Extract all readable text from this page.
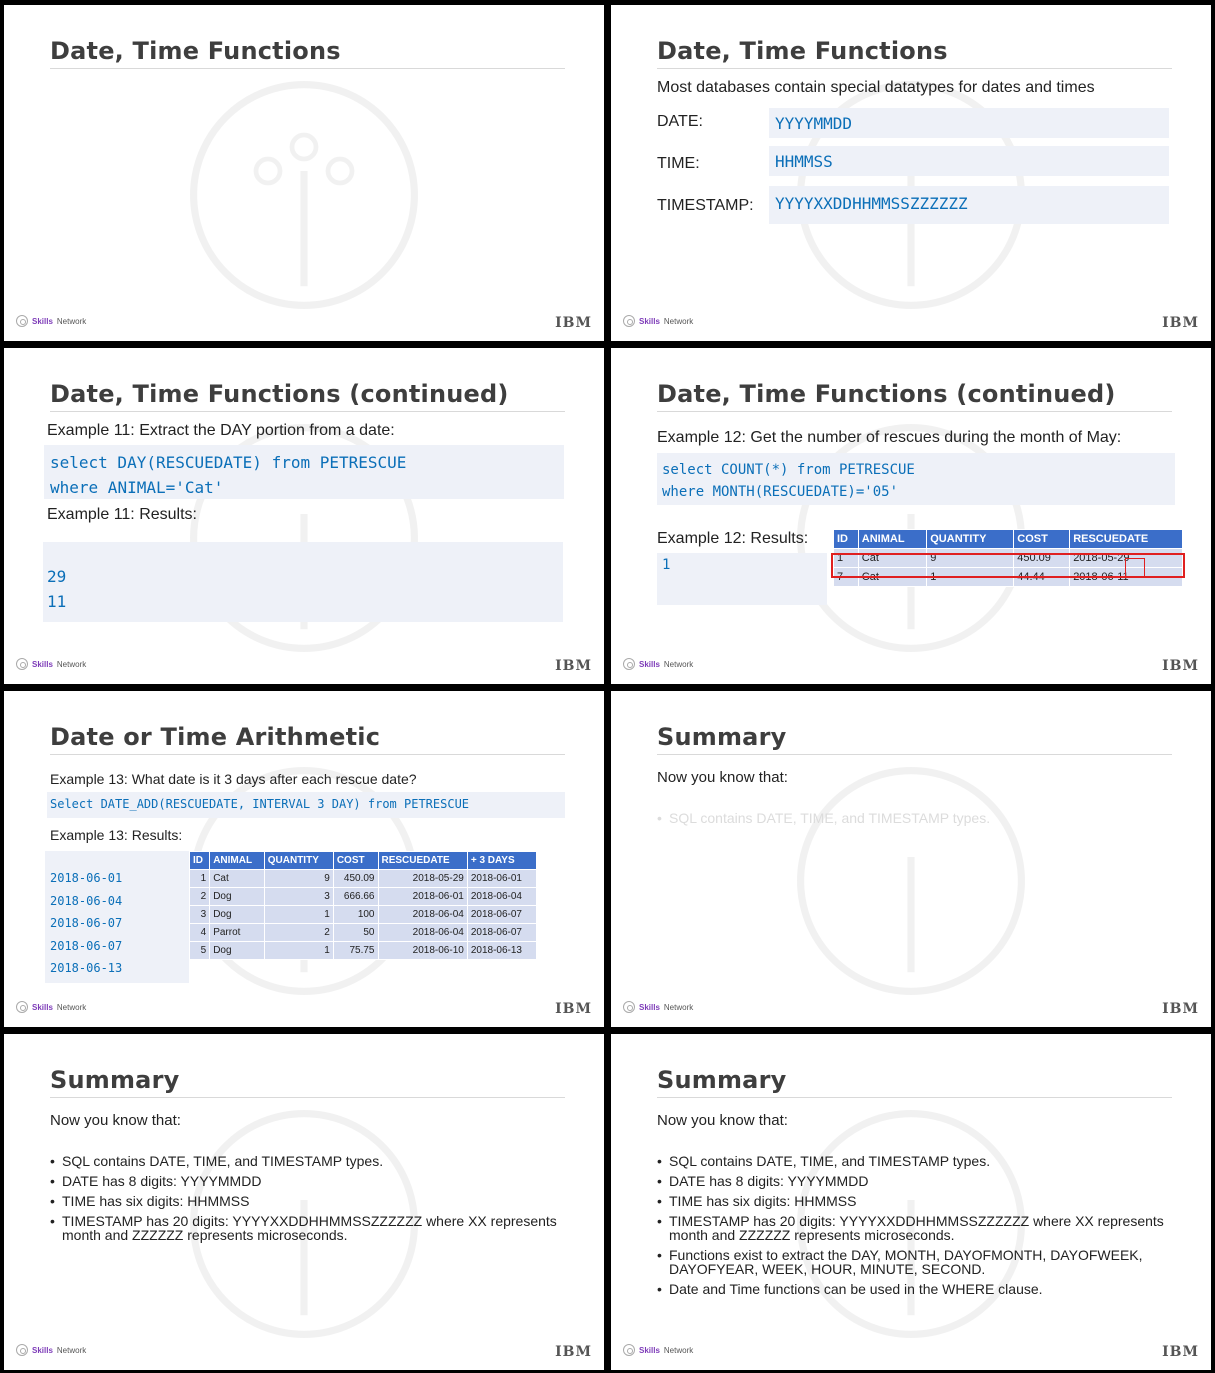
Date, Time Functions
Skills Network	IBM
Date, Time Functions
Most databases contain special datatypes for dates and times
DATE:	YYYYMMDD
TIME:	HHMMSS
TIMESTAMP:	YYYYXXDDHHMMSSZZZZZZ
Skills Network	IBM
Date, Time Functions (continued)
Example 11: Extract the DAY portion from a date:
select DAY(RESCUEDATE) from PETRESCUE
where ANIMAL='Cat'
Example 11: Results:
29
11
Skills Network	IBM
Date, Time Functions (continued)
Example 12: Get the number of rescues during the month of May:
select COUNT(*) from PETRESCUE
where MONTH(RESCUEDATE)='05'
Example 12: Results:
1
ID	ANIMAL	QUANTITY	COST	RESCUEDATE
1	Cat	9	450.09	2018-05-29
7	Cat	1	44.44	2018-06-11
Skills Network	IBM
Date or Time Arithmetic
Example 13: What date is it 3 days after each rescue date?
Select DATE_ADD(RESCUEDATE, INTERVAL 3 DAY) from PETRESCUE
Example 13: Results:
2018-06-01
2018-06-04
2018-06-07
2018-06-07
2018-06-13
ID	ANIMAL	QUANTITY	COST	RESCUEDATE	+ 3 DAYS
1	Cat	9	450.09	2018-05-29	2018-06-01
2	Dog	3	666.66	2018-06-01	2018-06-04
3	Dog	1	100	2018-06-04	2018-06-07
4	Parrot	2	50	2018-06-04	2018-06-07
5	Dog	1	75.75	2018-06-10	2018-06-13
Skills Network	IBM
Summary
Now you know that:
• SQL contains DATE, TIME, and TIMESTAMP types.
Skills Network	IBM
Summary
Now you know that:
• SQL contains DATE, TIME, and TIMESTAMP types.
• DATE has 8 digits: YYYYMMDD
• TIME has six digits: HHMMSS
• TIMESTAMP has 20 digits: YYYYXXDDHHMMSSZZZZZZ where XX represents month and ZZZZZZ represents microseconds.
Skills Network	IBM
Summary
Now you know that:
• SQL contains DATE, TIME, and TIMESTAMP types.
• DATE has 8 digits: YYYYMMDD
• TIME has six digits: HHMMSS
• TIMESTAMP has 20 digits: YYYYXXDDHHMMSSZZZZZZ where XX represents month and ZZZZZZ represents microseconds.
• Functions exist to extract the DAY, MONTH, DAYOFMONTH, DAYOFWEEK, DAYOFYEAR, WEEK, HOUR, MINUTE, SECOND.
• Date and Time functions can be used in the WHERE clause.
Skills Network	IBM
